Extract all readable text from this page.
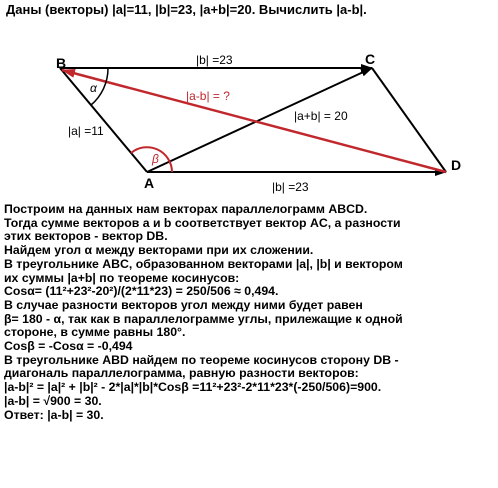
Даны (векторы) |a|=11, |b|=23, |a+b|=20. Вычислить |a-b|.
B	C
A
D
|b| =23
|b| =23
|a| =11
|a+b| = 20
|a-b| = ?
α
β
Построим на данных нам векторах параллелограмм ABCD.
Тогда сумме векторов а и b соответствует вектор AC, а разности
этих векторов - вектор DB.
Найдем угол α между векторами при их сложении.
В треугольнике ABC, образованном векторами |a|, |b| и вектором
их суммы |a+b| по теореме косинусов:
Cosα= (11²+23²-20²)/(2*11*23) = 250/506 ≈ 0,494.
В случае разности векторов угол между ними будет равен
β= 180 - α, так как в параллелограмме углы, прилежащие к одной
стороне, в сумме равны 180°.
Cosβ = -Cosα = -0,494
В треугольнике ABD найдем по теореме косинусов сторону DB -
диагональ параллелограмма, равную разности векторов:
|a-b|² = |a|² + |b|² - 2*|a|*|b|*Cosβ =11²+23²-2*11*23*(-250/506)=900.
|a-b| = √900 = 30.
Ответ: |a-b| = 30.
